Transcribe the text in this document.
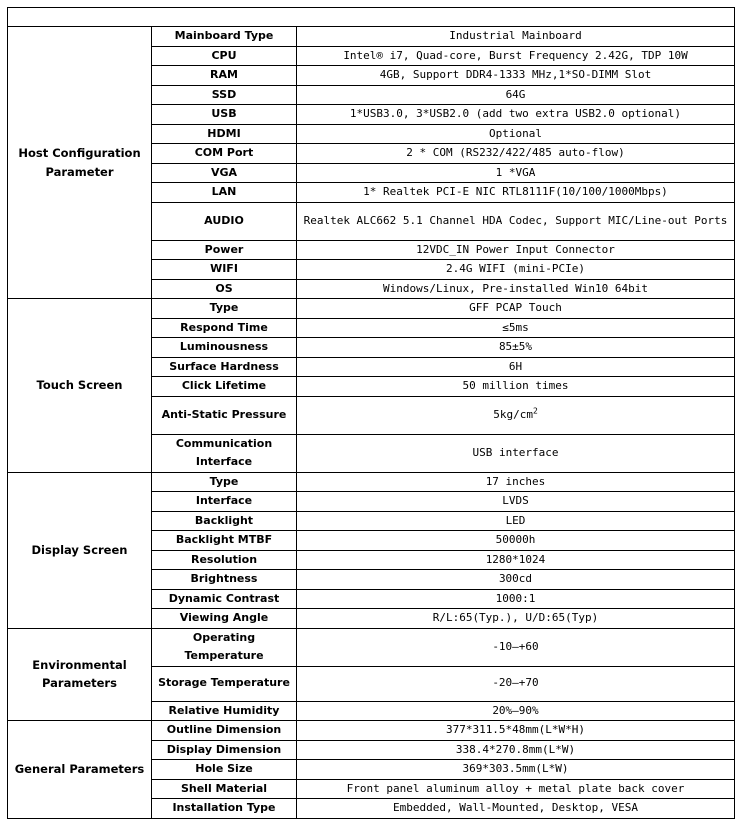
Host Configuration Parameter	Mainboard Type	Industrial Mainboard
	CPU	Intel® i7, Quad-core, Burst Frequency 2.42G, TDP 10W
	RAM	4GB, Support DDR4-1333 MHz,1*SO-DIMM Slot
	SSD	64G
	USB	1*USB3.0, 3*USB2.0 (add two extra USB2.0 optional)
	HDMI	Optional
	COM Port	2 * COM (RS232/422/485 auto-flow)
	VGA	1 *VGA
	LAN	1* Realtek PCI-E NIC RTL8111F(10/100/1000Mbps)
	AUDIO	Realtek ALC662 5.1 Channel HDA Codec, Support MIC/Line-out Ports
	Power	12VDC_IN Power Input Connector
	WIFI	2.4G WIFI (mini-PCIe)
	OS	Windows/Linux, Pre-installed Win10 64bit
Touch Screen	Type	GFF PCAP Touch
	Respond Time	≤5ms
	Luminousness	85±5%
	Surface Hardness	6H
	Click Lifetime	50 million times
	Anti-Static Pressure	$5kg/cm^2$
	Communication Interface	USB interface
Display Screen	Type	17 inches
	Interface	LVDS
	Backlight	LED
	Backlight MTBF	50000h
	Resolution	1280*1024
	Brightness	300cd
	Dynamic Contrast	1000:1
	Viewing Angle	R/L:65(Typ.), U/D:65(Typ)
Environmental Parameters	Operating Temperature	-10—+60
	Storage Temperature	-20—+70
	Relative Humidity	20%—90%
General Parameters	Outline Dimension	377*311.5*48mm(L*W*H)
	Display Dimension	338.4*270.8mm(L*W)
	Hole Size	369*303.5mm(L*W)
	Shell Material	Front panel aluminum alloy + metal plate back cover
	Installation Type	Embedded, Wall-Mounted, Desktop, VESA
